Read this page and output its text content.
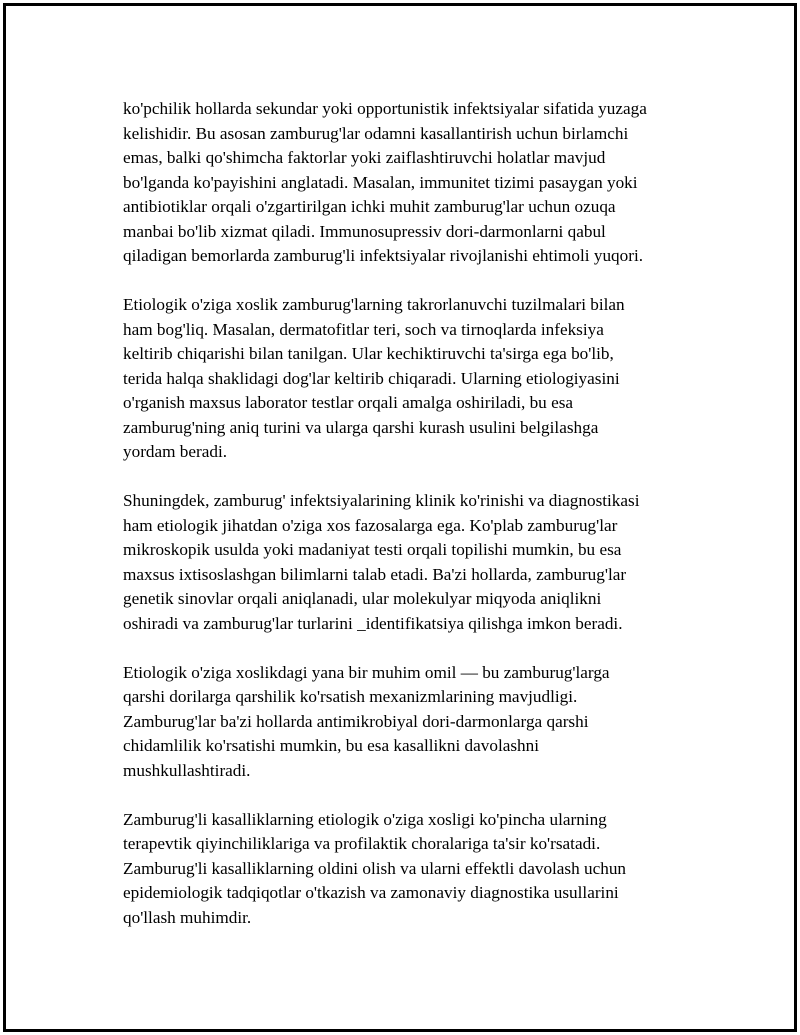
ko'pchilik hollarda sekundar yoki opportunistik infektsiyalar sifatida yuzaga
kelishidir. Bu asosan zamburug'lar odamni kasallantirish uchun birlamchi
emas, balki qo'shimcha faktorlar yoki zaiflashtiruvchi holatlar mavjud
bo'lganda ko'payishini anglatadi. Masalan, immunitet tizimi pasaygan yoki
antibiotiklar orqali o'zgartirilgan ichki muhit zamburug'lar uchun ozuqa
manbai bo'lib xizmat qiladi. Immunosupressiv dori-darmonlarni qabul
qiladigan bemorlarda zamburug'li infektsiyalar rivojlanishi ehtimoli yuqori.

Etiologik o'ziga xoslik zamburug'larning takrorlanuvchi tuzilmalari bilan
ham bog'liq. Masalan, dermatofitlar teri, soch va tirnoqlarda infeksiya
keltirib chiqarishi bilan tanilgan. Ular kechiktiruvchi ta'sirga ega bo'lib,
terida halqa shaklidagi dog'lar keltirib chiqaradi. Ularning etiologiyasini
o'rganish maxsus laborator testlar orqali amalga oshiriladi, bu esa
zamburug'ning aniq turini va ularga qarshi kurash usulini belgilashga
yordam beradi.

Shuningdek, zamburug' infektsiyalarining klinik ko'rinishi va diagnostikasi
ham etiologik jihatdan o'ziga xos fazosalarga ega. Ko'plab zamburug'lar
mikroskopik usulda yoki madaniyat testi orqali topilishi mumkin, bu esa
maxsus ixtisoslashgan bilimlarni talab etadi. Ba'zi hollarda, zamburug'lar
genetik sinovlar orqali aniqlanadi, ular molekulyar miqyoda aniqlikni
oshiradi va zamburug'lar turlarini _identifikatsiya qilishga imkon beradi.

Etiologik o'ziga xoslikdagi yana bir muhim omil — bu zamburug'larga
qarshi dorilarga qarshilik ko'rsatish mexanizmlarining mavjudligi.
Zamburug'lar ba'zi hollarda antimikrobiyal dori-darmonlarga qarshi
chidamlilik ko'rsatishi mumkin, bu esa kasallikni davolashni
mushkullashtiradi.

Zamburug'li kasalliklarning etiologik o'ziga xosligi ko'pincha ularning
terapevtik qiyinchiliklariga va profilaktik choralariga ta'sir ko'rsatadi.
Zamburug'li kasalliklarning oldini olish va ularni effektli davolash uchun
epidemiologik tadqiqotlar o'tkazish va zamonaviy diagnostika usullarini
qo'llash muhimdir.
